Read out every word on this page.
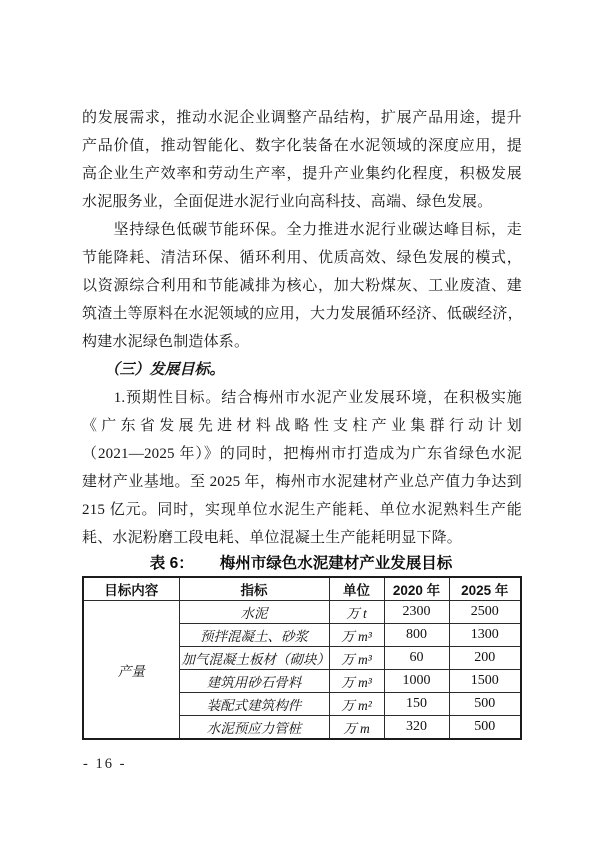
的发展需求，推动水泥企业调整产品结构，扩展产品用途，提升
产品价值，推动智能化、数字化装备在水泥领域的深度应用，提
高企业生产效率和劳动生产率，提升产业集约化程度，积极发展
水泥服务业，全面促进水泥行业向高科技、高端、绿色发展。
　　坚持绿色低碳节能环保。全力推进水泥行业碳达峰目标，走
节能降耗、清洁环保、循环利用、优质高效、绿色发展的模式，
以资源综合利用和节能减排为核心，加大粉煤灰、工业废渣、建
筑渣土等原料在水泥领域的应用，大力发展循环经济、低碳经济，
构建水泥绿色制造体系。
　　（三）发展目标。
　　1.预期性目标。结合梅州市水泥产业发展环境，在积极实施
《广东省发展先进材料战略性支柱产业集群行动计划
（2021—2025 年）》的同时，把梅州市打造成为广东省绿色水泥
建材产业基地。至 2025 年，梅州市水泥建材产业总产值力争达到
215 亿元。同时，实现单位水泥生产能耗、单位水泥熟料生产能
耗、水泥粉磨工段电耗、单位混凝土生产能耗明显下降。
表 6： 梅州市绿色水泥建材产业发展目标
目标内容	指标	单位	2020 年	2025 年
产量	水泥	万 t	2300	2500
	预拌混凝土、砂浆	万 m³	800	1300
	加气混凝土板材（砌块）	万 m³	60	200
	建筑用砂石骨料	万 m³	1000	1500
	装配式建筑构件	万 m²	150	500
	水泥预应力管桩	万 m	320	500
- 16 -
